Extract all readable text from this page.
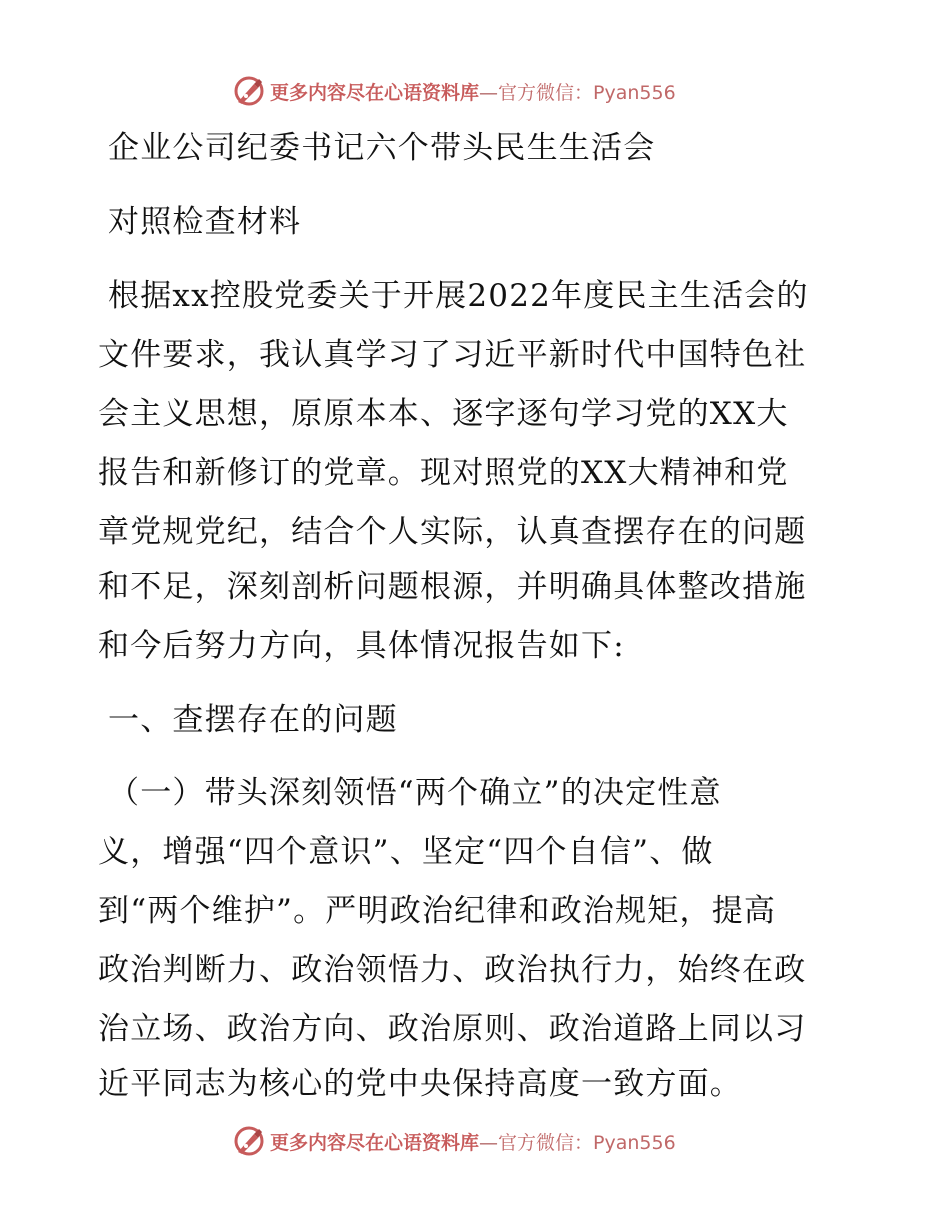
更多内容尽在心语资料库—官方微信：Pyan556
企业公司纪委书记六个带头民生生活会
对照检查材料
根据xx控股党委关于开展2022年度民主生活会的
文件要求，我认真学习了习近平新时代中国特色社
会主义思想，原原本本、逐字逐句学习党的XX大
报告和新修订的党章。现对照党的XX大精神和党
章党规党纪，结合个人实际，认真查摆存在的问题
和不足，深刻剖析问题根源，并明确具体整改措施
和今后努力方向，具体情况报告如下:
一、查摆存在的问题
（一）带头深刻领悟“两个确立”的决定性意
义，增强“四个意识”、坚定“四个自信”、做
到“两个维护”。严明政治纪律和政治规矩，提高
政治判断力、政治领悟力、政治执行力，始终在政
治立场、政治方向、政治原则、政治道路上同以习
近平同志为核心的党中央保持高度一致方面。
更多内容尽在心语资料库—官方微信：Pyan556
